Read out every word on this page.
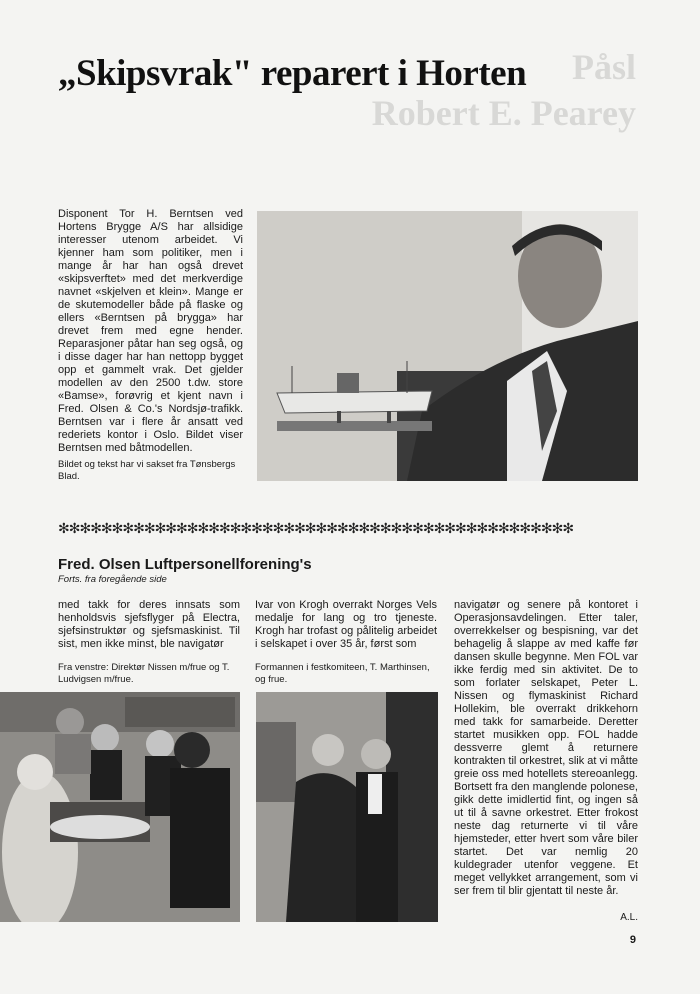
„Skipsvrak" reparert i Horten	Påsl
Robert E. Pearey
Disponent Tor H. Berntsen ved Hortens Brygge A/S har allsidige interesser utenom arbeidet. Vi kjenner ham som politiker, men i mange år har han også drevet «skipsverftet» med det merkverdige navnet «skjelven et klein». Mange er de skutemodeller både på flaske og ellers «Berntsen på brygga» har drevet frem med egne hender. Reparasjoner påtar han seg også, og i disse dager har han nettopp bygget opp et gammelt vrak. Det gjelder modellen av den 2500 t.dw. store «Bamse», forøvrig et kjent navn i Fred. Olsen & Co.'s Nordsjø-trafikk. Berntsen var i flere år ansatt ved rederiets kontor i Oslo. Bildet viser Berntsen med båtmodellen.
Bildet og tekst har vi sakset fra Tønsbergs Blad.
✻✻✻✻✻✻✻✻✻✻✻✻✻✻✻✻✻✻✻✻✻✻✻✻✻✻✻✻✻✻✻✻✻✻✻✻✻✻✻✻✻✻✻✻✻✻✻✻
Fred. Olsen Luftpersonellforening's
Forts. fra foregående side
med takk for deres innsats som henholdsvis sjefsflyger på Electra, sjefsinstruktør og sjefsmaskinist. Til sist, men ikke minst, ble navigatør
Ivar von Krogh overrakt Norges Vels medalje for lang og tro tjeneste. Krogh har trofast og pålitelig arbeidet i selskapet i over 35 år, først som
navigatør og senere på kontoret i Operasjonsavdelingen. Etter taler, overrekkelser og bespisning, var det behagelig å slappe av med kaffe før dansen skulle begynne. Men FOL var ikke ferdig med sin aktivitet. De to som forlater selskapet, Peter L. Nissen og flymaskinist Richard Hollekim, ble overrakt drikkehorn med takk for samarbeide. Deretter startet musikken opp. FOL hadde dessverre glemt å returnere kontrakten til orkestret, slik at vi måtte greie oss med hotellets stereoanlegg. Bortsett fra den manglende polonese, gikk dette imidlertid fint, og ingen så ut til å savne orkestret. Etter frokost neste dag returnerte vi til våre hjemsteder, etter hvert som våre biler startet. Det var nemlig 20 kuldegrader utenfor veggene. Et meget vellykket arrangement, som vi ser frem til blir gjentatt til neste år.
Fra venstre: Direktør Nissen m/frue og T. Ludvigsen m/frue.
Formannen i festkomiteen, T. Marthinsen, og frue.
A.L.
9
